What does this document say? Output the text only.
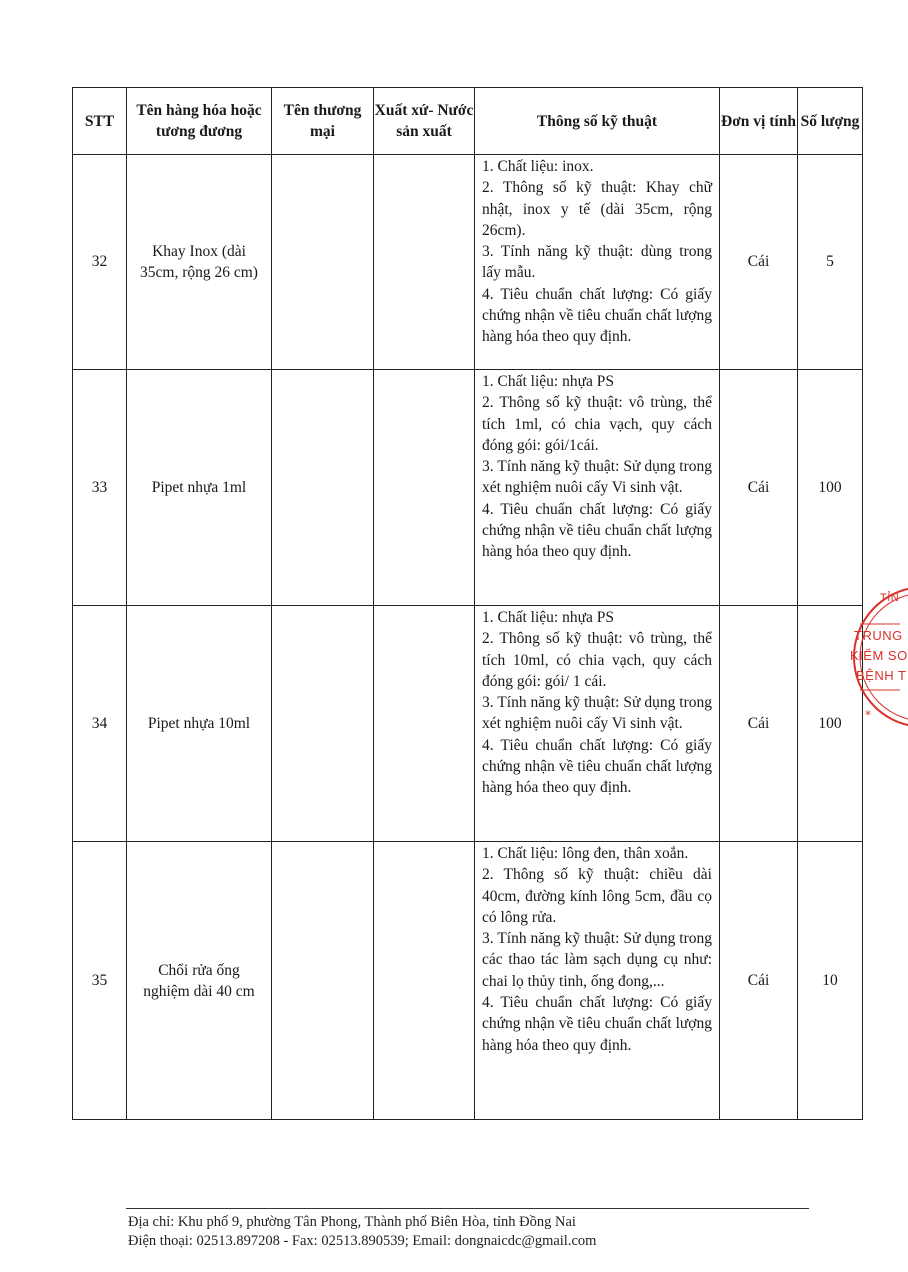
STT	Tên hàng hóa hoặc tương đương	Tên thương mại	Xuất xứ- Nước sản xuất	Thông số kỹ thuật	Đơn vị tính	Số lượng
32	Khay Inox (dài 35cm, rộng 26 cm)			1. Chất liệu: inox.
2. Thông số kỹ thuật: Khay chữ nhật, inox y tế (dài 35cm, rộng 26cm).
3. Tính năng kỹ thuật: dùng trong lấy mẫu.
4. Tiêu chuẩn chất lượng: Có giấy chứng nhận về tiêu chuẩn chất lượng hàng hóa theo quy định.	Cái	5
33	Pipet nhựa 1ml			1. Chất liệu: nhựa PS
2. Thông số kỹ thuật: vô trùng, thể tích 1ml, có chia vạch, quy cách đóng gói: gói/1cái.
3. Tính năng kỹ thuật: Sử dụng trong xét nghiệm nuôi cấy Vi sinh vật.
4. Tiêu chuẩn chất lượng: Có giấy chứng nhận về tiêu chuẩn chất lượng hàng hóa theo quy định.	Cái	100
34	Pipet nhựa 10ml			1. Chất liệu: nhựa PS
2. Thông số kỹ thuật: vô trùng, thể tích 10ml, có chia vạch, quy cách đóng gói: gói/ 1 cái.
3. Tính năng kỹ thuật: Sử dụng trong xét nghiệm nuôi cấy Vi sinh vật.
4. Tiêu chuẩn chất lượng: Có giấy chứng nhận về tiêu chuẩn chất lượng hàng hóa theo quy định.	Cái	100
35	Chổi rửa ống nghiệm dài 40 cm			1. Chất liệu: lông đen, thân xoắn.
2. Thông số kỹ thuật: chiều dài 40cm, đường kính lông 5cm, đầu cọ có lông rửa.
3. Tính năng kỹ thuật: Sử dụng trong các thao tác làm sạch dụng cụ như: chai lọ thủy tinh, ống đong,...
4. Tiêu chuẩn chất lượng: Có giấy chứng nhận về tiêu chuẩn chất lượng hàng hóa theo quy định.	Cái	10
*
TỈN
TRUNG
KIỂM SO
BỆNH T
Địa chỉ: Khu phố 9, phường Tân Phong, Thành phố Biên Hòa, tỉnh Đồng Nai
Điện thoại: 02513.897208 - Fax: 02513.890539; Email: dongnaicdc@gmail.com
